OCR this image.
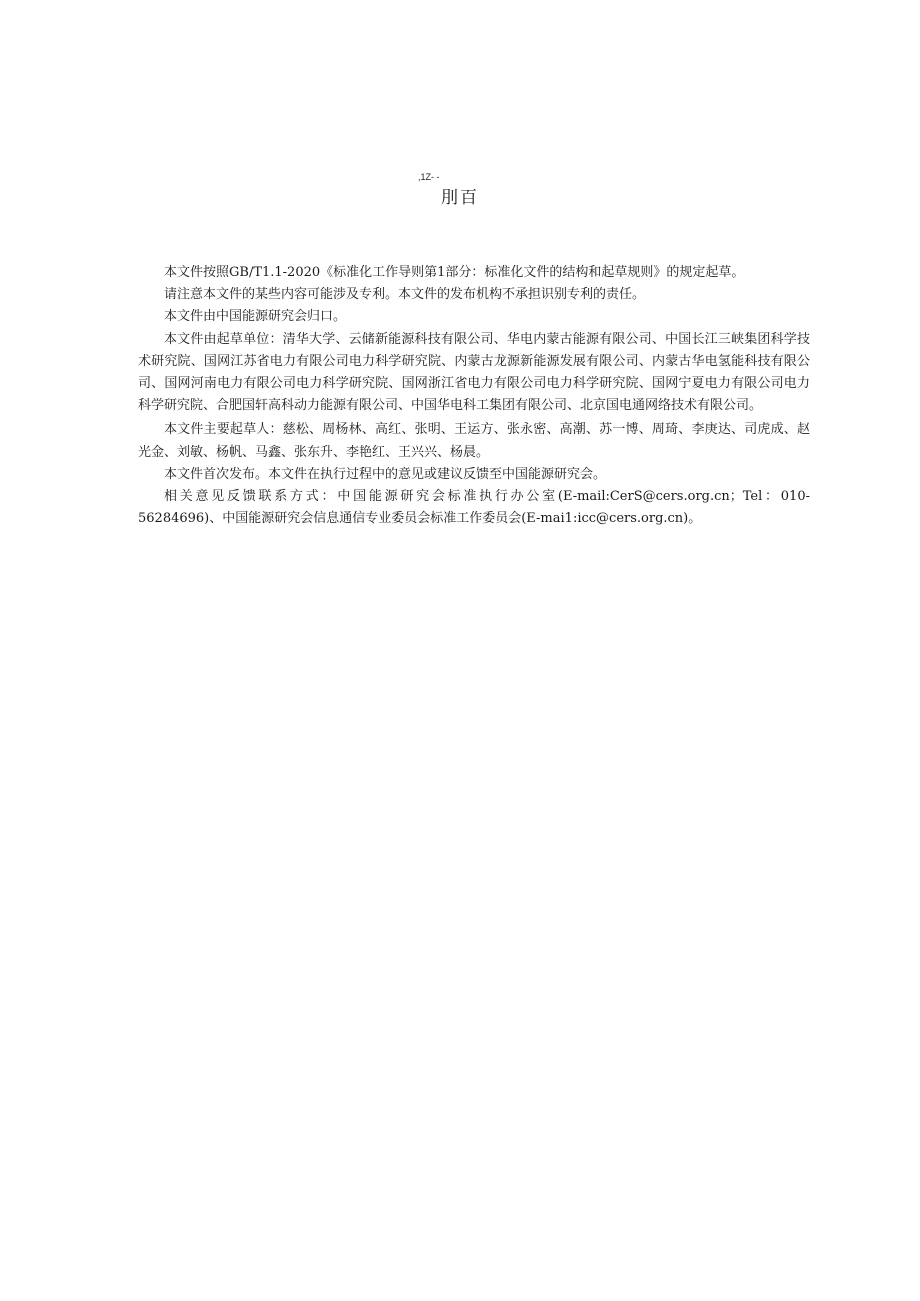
,1Z- -
刖百

本文件按照GB/T1.1-2020《标准化工作导则第1部分：标准化文件的结构和起草规则》的规定起草。

请注意本文件的某些内容可能涉及专利。本文件的发布机构不承担识别专利的责任。

本文件由中国能源研究会归口。

本文件由起草单位：清华大学、云储新能源科技有限公司、华电内蒙古能源有限公司、中国长江三峡集团科学技术研究院、国网江苏省电力有限公司电力科学研究院、内蒙古龙源新能源发展有限公司、内蒙古华电氢能科技有限公司、国网河南电力有限公司电力科学研究院、国网浙江省电力有限公司电力科学研究院、国网宁夏电力有限公司电力科学研究院、合肥国轩高科动力能源有限公司、中国华电科工集团有限公司、北京国电通网络技术有限公司。

本文件主要起草人：慈松、周杨林、高红、张明、王运方、张永密、高潮、苏一博、周琦、李庚达、司虎成、赵光金、刘敏、杨帆、马鑫、张东升、李艳红、王兴兴、杨晨。

本文件首次发布。本文件在执行过程中的意见或建议反馈至中国能源研究会。

相关意见反馈联系方式：中国能源研究会标准执行办公室(E-mail:CerS@cers.org.cn；Tel：010-56284696)、中国能源研究会信息通信专业委员会标准工作委员会(E-mai1:icc@cers.org.cn)。
